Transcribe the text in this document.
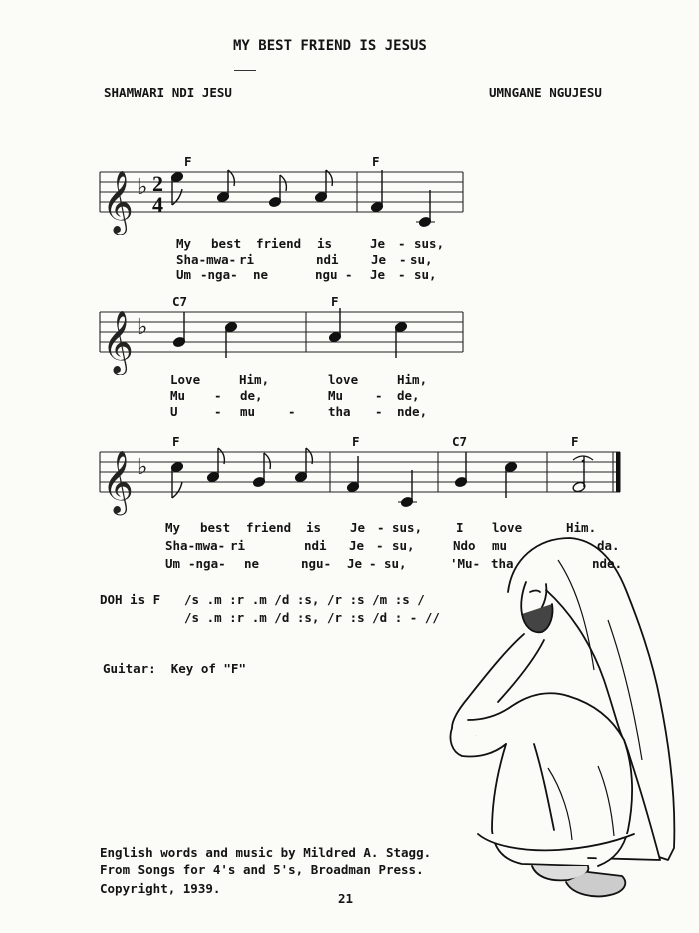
MY BEST FRIEND IS JESUS
SHAMWARI NDI JESU	UMNGANE NGUJESU
𝄞 ♭ 2
4
F	F
My best friend is	Je - sus,
Sha-mwa- ri	ndi	Je - su,
Um -nga- ne	ngu - Je - su,
𝄞 ♭
C7	F
Love	Him,	love	Him,
Mu - de,	Mu	- de,
U	- mu	-	tha - nde,
𝄞 ♭
F	F	C7	F
My best friend is Je - sus,	I love	Him.
Sha-mwa- ri	ndi Je - su,	Ndo mu	da.
Um -nga- ne	ngu- Je - su,	'Mu- tha	nde.
DOH is F /s .m :r .m /d :s, /r :s /m :s /
/s .m :r .m /d :s, /r :s /d : - //
Guitar:  Key of "F"
English words and music by Mildred A. Stagg.
From Songs for 4's and 5's, Broadman Press.
Copyright, 1939.
21
